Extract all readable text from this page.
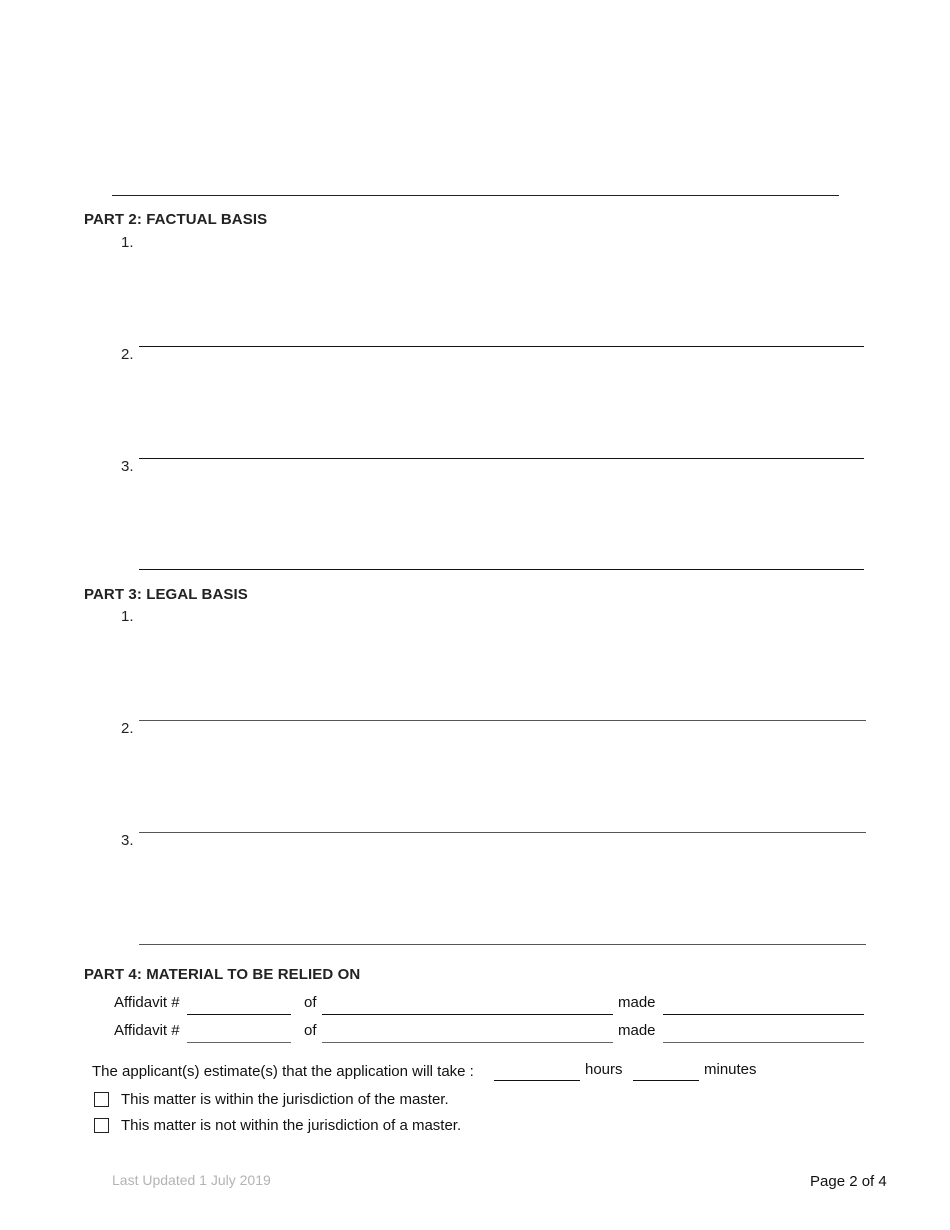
PART 2: FACTUAL BASIS
1.
2.
3.
PART 3: LEGAL BASIS
1.
2.
3.
PART 4: MATERIAL TO BE RELIED ON
Affidavit #	of	made
Affidavit #	of	made
The applicant(s) estimate(s) that the application will take :	hours	minutes
This matter is within the jurisdiction of the master.
This matter is not within the jurisdiction of a master.
Last Updated 1 July 2019	Page 2 of 4
